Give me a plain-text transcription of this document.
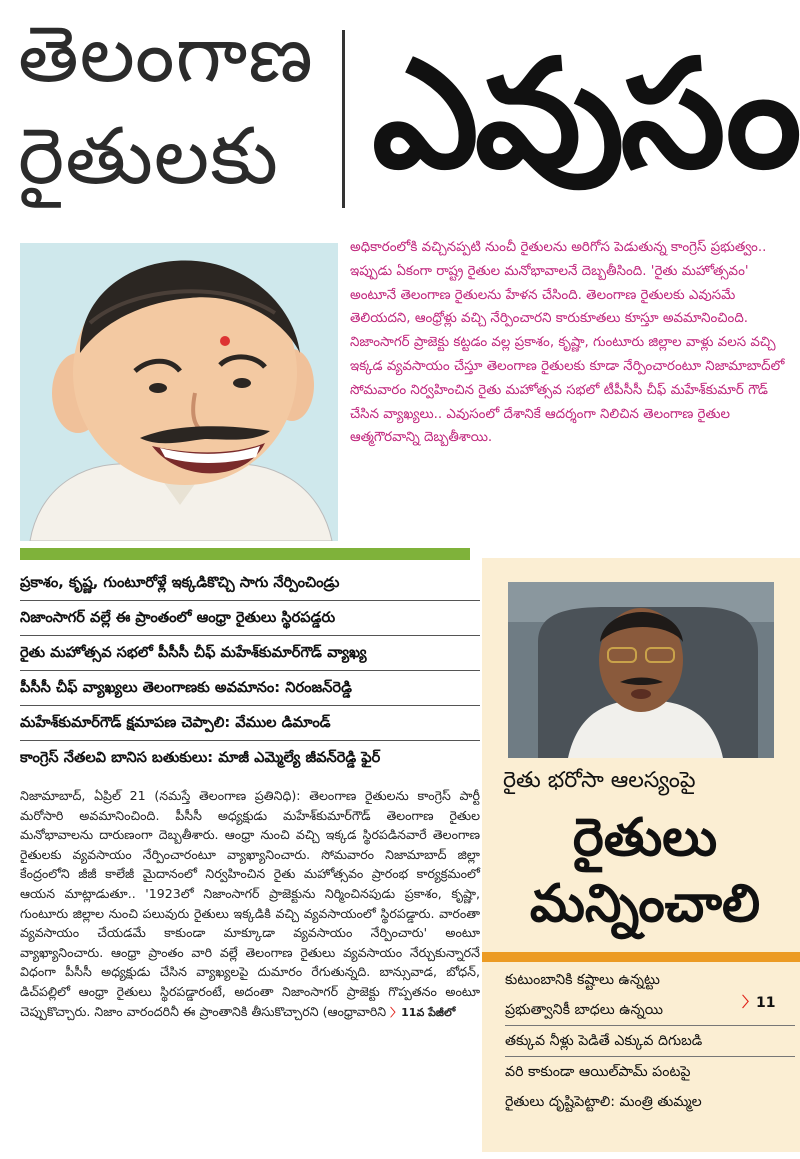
తెలంగాణ
రైతులకు ఎవుసం
అధికారంలోకి వచ్చినప్పటి నుంచీ రైతులను అరిగోస పెడుతున్న కాంగ్రెస్ ప్రభుత్వం.. ఇప్పుడు ఏకంగా రాష్ట్ర రైతుల మనోభావాలనే దెబ్బతీసింది. 'రైతు మహోత్సవం' అంటూనే తెలంగాణ రైతులను హేళన చేసింది. తెలంగాణ రైతులకు ఎవుసమే తెలియదని, ఆంధ్రోళ్లు వచ్చి నేర్పించారని కారుకూతలు కూస్తూ అవమానించింది. నిజాంసాగర్ ప్రాజెక్టు కట్టడం వల్ల ప్రకాశం, కృష్ణా, గుంటూరు జిల్లాల వాళ్లు వలస వచ్చి ఇక్కడ వ్యవసాయం చేస్తూ తెలంగాణ రైతులకు కూడా నేర్పించారంటూ నిజామాబాద్‌లో సోమవారం నిర్వహించిన రైతు మహోత్సవ సభలో టీపీసీసీ చీఫ్ మహేశ్‌కుమార్ గౌడ్ చేసిన వ్యాఖ్యలు.. ఎవుసంలో దేశానికే ఆదర్శంగా నిలిచిన తెలంగాణ రైతుల ఆత్మగౌరవాన్ని దెబ్బతీశాయి.
ప్రకాశం, కృష్ణ, గుంటూరోళ్లే ఇక్కడికొచ్చి సాగు నేర్పించిండ్రు
నిజాంసాగర్ వల్లే ఈ ప్రాంతంలో ఆంధ్రా రైతులు స్థిరపడ్డరు
రైతు మహోత్సవ సభలో పీసీసీ చీఫ్ మహేశ్‌కుమార్‌గౌడ్ వ్యాఖ్య
పీసీసీ చీఫ్ వ్యాఖ్యలు తెలంగాణకు అవమానం: నిరంజన్‌రెడ్డి
మహేశ్‌కుమార్‌గౌడ్ క్షమాపణ చెప్పాలి: వేముల డిమాండ్
కాంగ్రెస్ నేతలవి బానిస బతుకులు: మాజీ ఎమ్మెల్యే జీవన్‌రెడ్డి ఫైర్
నిజామాబాద్, ఏప్రిల్ 21 (నమస్తే తెలంగాణ ప్రతినిధి): తెలంగాణ రైతులను కాంగ్రెస్ పార్టీ మరోసారి అవమానించింది. పీసీసీ అధ్యక్షుడు మహేశ్‌కుమార్‌గౌడ్ తెలంగాణ రైతుల మనోభావాలను దారుణంగా దెబ్బతీశారు. ఆంధ్రా నుంచి వచ్చి ఇక్కడ స్థిరపడినవారే తెలంగాణ రైతులకు వ్యవసాయం నేర్పించారంటూ వ్యాఖ్యానించారు. సోమవారం నిజామాబాద్ జిల్లా కేంద్రంలోని జీజీ కాలేజీ మైదానంలో నిర్వహించిన రైతు మహోత్సవం ప్రారంభ కార్యక్రమంలో ఆయన మాట్లాడుతూ.. '1923లో నిజాంసాగర్ ప్రాజెక్టును నిర్మించినపుడు ప్రకాశం, కృష్ణా, గుంటూరు జిల్లాల నుంచి పలువురు రైతులు ఇక్కడికి వచ్చి వ్యవసాయంలో స్థిరపడ్డారు. వారంతా వ్యవసాయం చేయడమే కాకుండా మాక్కూడా వ్యవసాయం నేర్పించారు' అంటూ వ్యాఖ్యానించారు. ఆంధ్రా ప్రాంతం వారి వల్లే తెలంగాణ రైతులు వ్యవసాయం నేర్చుకున్నారనే విధంగా పీసీసీ అధ్యక్షుడు చేసిన వ్యాఖ్యలపై దుమారం రేగుతున్నది. బాన్సువాడ, బోధన్, డిచ్‌పల్లిలో ఆంధ్రా రైతులు స్థిరపడ్డారంటే, అదంతా నిజాంసాగర్ ప్రాజెక్టు గొప్పతనం అంటూ చెప్పుకొచ్చారు. నిజాం వారందరినీ ఈ ప్రాంతానికి తీసుకొచ్చారని (ఆంధ్రావారిని 〉11వ పేజీలో
రైతు భరోసా ఆలస్యంపై
రైతులు
మన్నించాలి
కుటుంబానికి కష్టాలు ఉన్నట్టు
ప్రభుత్వానికీ బాధలు ఉన్నయి
తక్కువ నీళ్లు పెడితే ఎక్కువ దిగుబడి
వరి కాకుండా ఆయిల్‌పామ్ పంటపై
రైతులు దృష్టిపెట్టాలి: మంత్రి తుమ్మల
〉11
